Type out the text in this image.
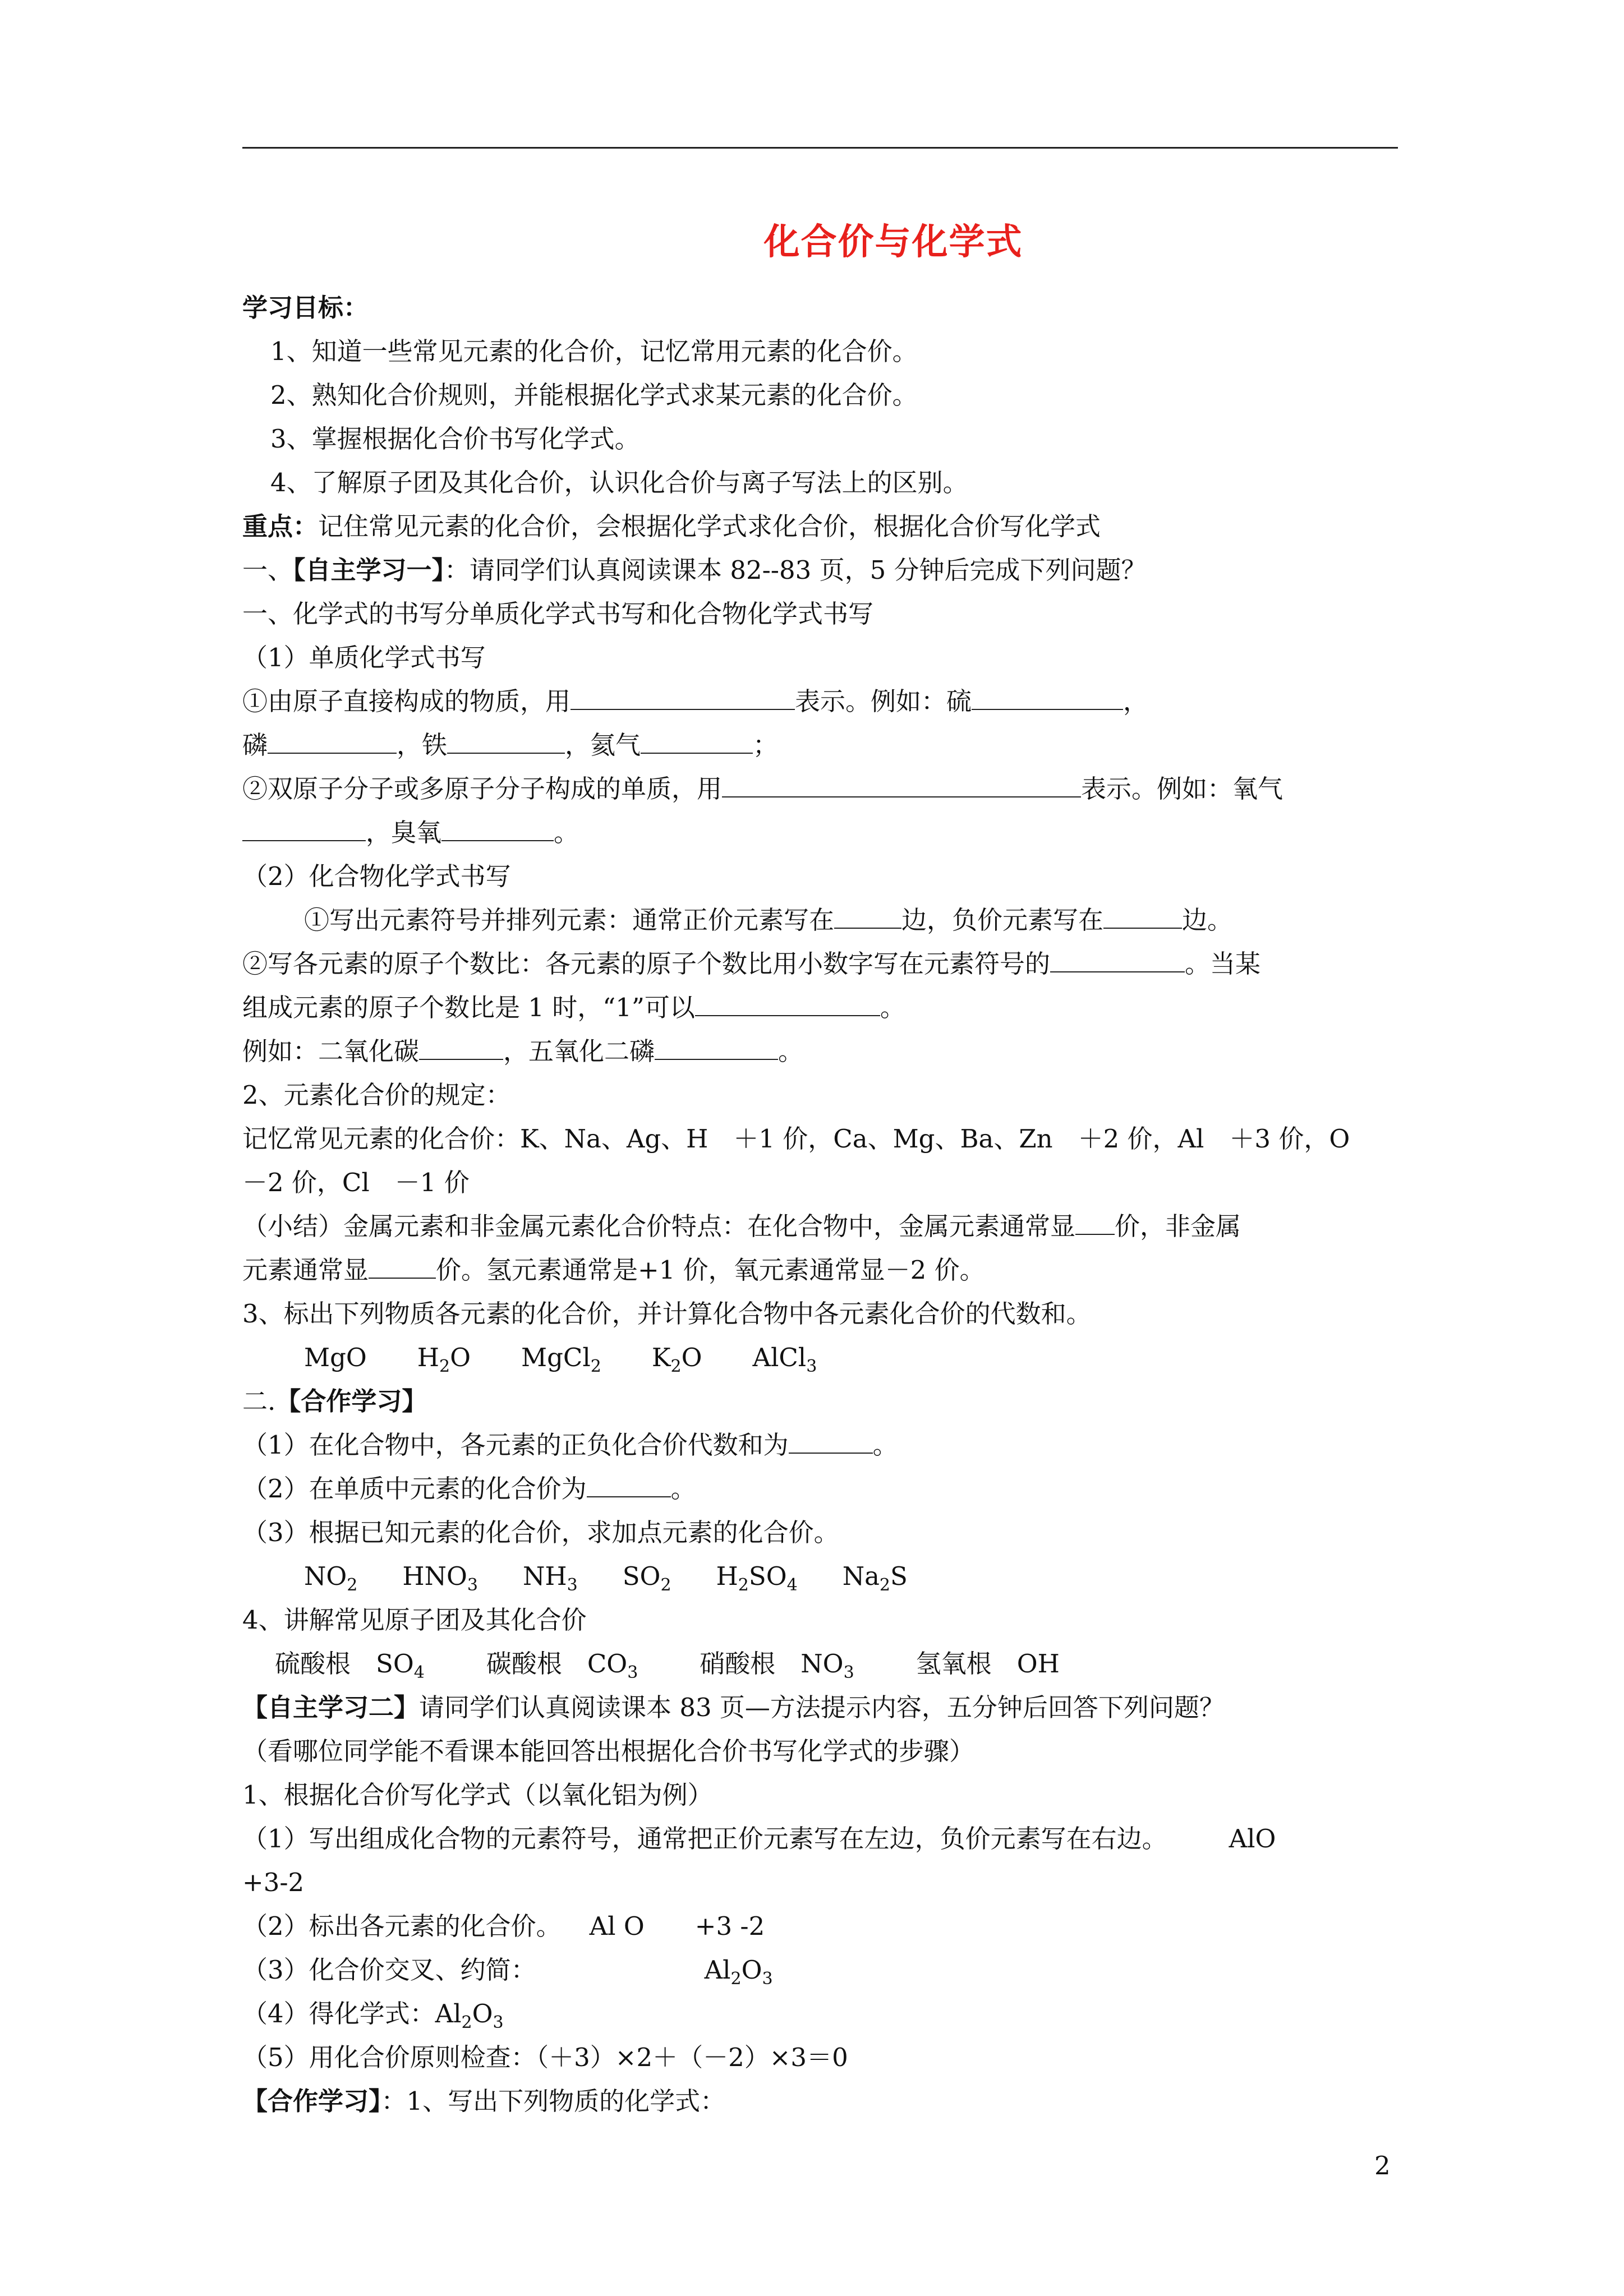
化合价与化学式
学习目标：
1、知道一些常见元素的化合价，记忆常用元素的化合价。
2、熟知化合价规则，并能根据化学式求某元素的化合价。
3、掌握根据化合价书写化学式。
4、了解原子团及其化合价，认识化合价与离子写法上的区别。
重点：记住常见元素的化合价，会根据化学式求化合价，根据化合价写化学式
一、【自主学习一】：请同学们认真阅读课本 82--83 页，5 分钟后完成下列问题？
一、化学式的书写分单质化学式书写和化合物化学式书写
（1）单质化学式书写
①由原子直接构成的物质，用	表示。例如：硫	，
磷	，铁	，氦气	；
②双原子分子或多原子分子构成的单质，用	表示。例如：氧气
，臭氧	。
（2）化合物化学式书写
①写出元素符号并排列元素：通常正价元素写在	边，负价元素写在	边。
②写各元素的原子个数比：各元素的原子个数比用小数字写在元素符号的	。当某
组成元素的原子个数比是 1 时，“1”可以	。
例如：二氧化碳	，五氧化二磷	。
2、元素化合价的规定：
记忆常见元素的化合价：K、Na、Ag、H　＋1 价，Ca、Mg、Ba、Zn　＋2 价，Al　＋3 价，O
－2 价，Cl　－1 价
（小结）金属元素和非金属元素化合价特点：在化合物中，金属元素通常显 价，非金属
元素通常显	价。氢元素通常是+1 价，氧元素通常显－2 价。
3、标出下列物质各元素的化合价，并计算化合物中各元素化合价的代数和。
MgO $H_2O$ MgCl$_2$ $K_2O$ AlCl$_3$
二.【合作学习】
（1）在化合物中，各元素的正负化合价代数和为	。
（2）在单质中元素的化合价为	。
（3）根据已知元素的化合价，求加点元素的化合价。
$NO_2$ $HNO_3$ $NH_3$ $SO_2$ $H_2SO_4$ $Na_2S$
4、讲解常见原子团及其化合价
硫酸根　$SO_4$ 碳酸根　$CO_3$ 硝酸根　$NO_3$ 氢氧根　OH
【自主学习二】请同学们认真阅读课本 83 页—方法提示内容，五分钟后回答下列问题？
（看哪位同学能不看课本能回答出根据化合价书写化学式的步骤）
1、根据化合价写化学式（以氧化铝为例）
（1）写出组成化合物的元素符号，通常把正价元素写在左边，负价元素写在右边。 AlO
+3-2
（2）标出各元素的化合价。 Al O +3 -2
（3）化合价交叉、约简：	$Al_2O_3$
（4）得化学式：$Al_2O_3$
（5）用化合价原则检查：（＋3）×2＋（－2）×3＝0
【合作学习】：1、写出下列物质的化学式：
2
